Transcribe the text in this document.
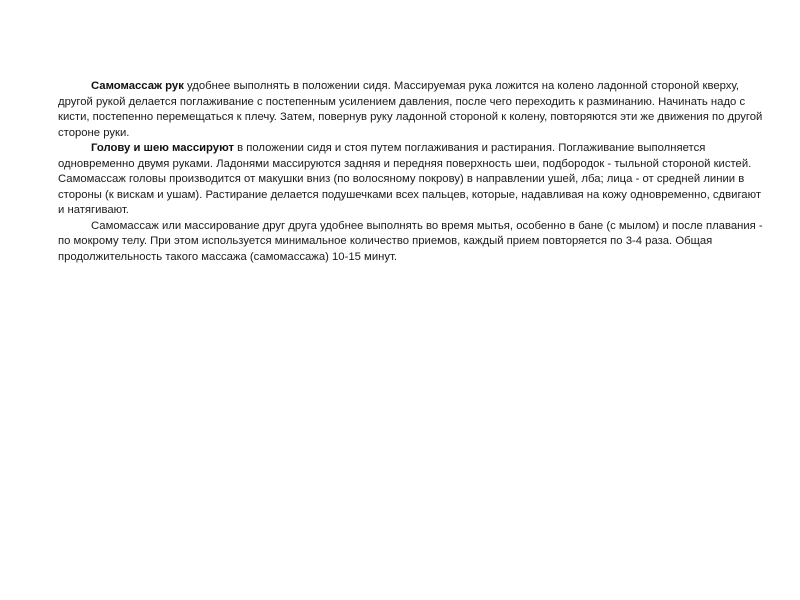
Самомассаж рук удобнее выполнять в положении сидя. Массируемая рука ложится на колено ладонной стороной кверху, другой рукой делается поглаживание с постепенным усилением давления, после чего переходить к разминанию. Начинать надо с кисти, постепенно перемещаться к плечу. Затем, повернув руку ладонной стороной к колену, повторяются эти же движения по другой стороне руки.

Голову и шею массируют в положении сидя и стоя путем поглаживания и растирания. Поглаживание выполняется одновременно двумя руками. Ладонями массируются задняя и передняя поверхность шеи, подбородок - тыльной стороной кистей. Самомассаж головы производится от макушки вниз (по волосяному покрову) в направлении ушей, лба; лица - от средней линии в стороны (к вискам и ушам). Растирание делается подушечками всех пальцев, которые, надавливая на кожу одновременно, сдвигают и натягивают.

Самомассаж или массирование друг друга удобнее выполнять во время мытья, особенно в бане (с мылом) и после плавания - по мокрому телу. При этом используется минимальное количество приемов, каждый прием повторяется по 3-4 раза. Общая продолжительность такого массажа (самомассажа) 10-15 минут.
